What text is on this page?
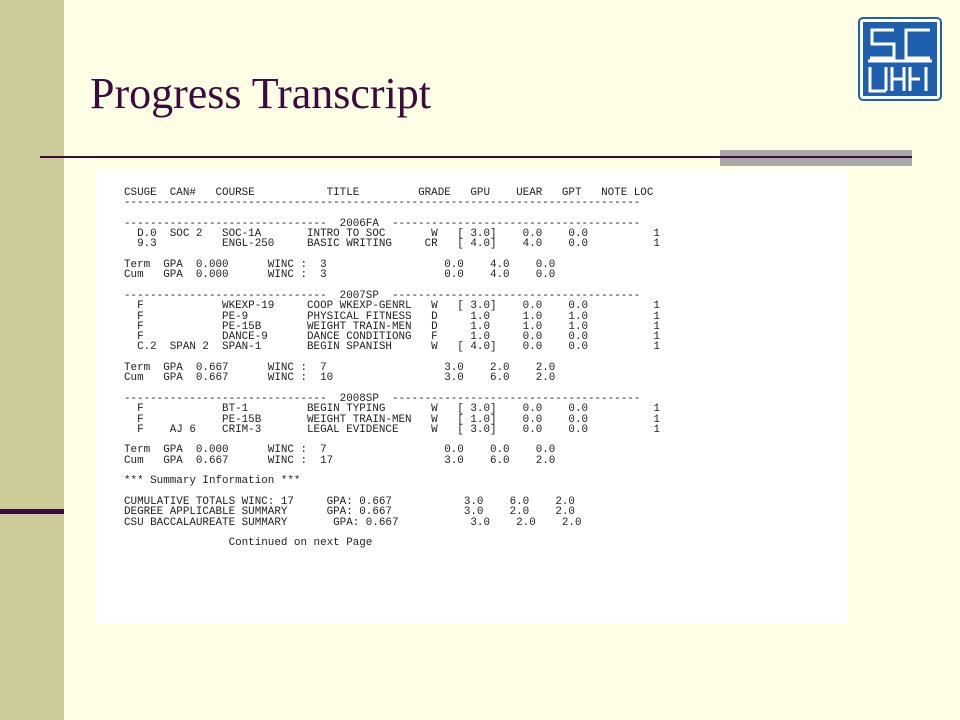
Progress Transcript
CSUGE  CAN#   COURSE           TITLE         GRADE   GPU    UEAR   GPT   NOTE LOC
-------------------------------------------------------------------------------

-------------------------------  2006FA  --------------------------------------
D.0  SOC 2   SOC-1A       INTRO TO SOC       W   [ 3.0]    0.0    0.0          1
9.3          ENGL-250     BASIC WRITING     CR   [ 4.0]    4.0    0.0          1

Term  GPA  0.000      WINC :  3                  0.0    4.0    0.0
Cum   GPA  0.000      WINC :  3                  0.0    4.0    0.0

-------------------------------  2007SP  --------------------------------------
F            WKEXP-19     COOP WKEXP-GENRL   W   [ 3.0]    0.0    0.0          1
F            PE-9         PHYSICAL FITNESS   D     1.0     1.0    1.0          1
F            PE-15B       WEIGHT TRAIN-MEN   D     1.0     1.0    1.0          1
F            DANCE-9      DANCE CONDITIONG   F     1.0     0.0    0.0          1
C.2  SPAN 2  SPAN-1       BEGIN SPANISH      W   [ 4.0]    0.0    0.0          1

Term  GPA  0.667      WINC :  7                  3.0    2.0    2.0
Cum   GPA  0.667      WINC :  10                 3.0    6.0    2.0

-------------------------------  2008SP  --------------------------------------
F            BT-1         BEGIN TYPING       W   [ 3.0]    0.0    0.0          1
F            PE-15B       WEIGHT TRAIN-MEN   W   [ 1.0]    0.0    0.0          1
F    AJ 6    CRIM-3       LEGAL EVIDENCE     W   [ 3.0]    0.0    0.0          1

Term  GPA  0.000      WINC :  7                  0.0    0.0    0.0
Cum   GPA  0.667      WINC :  17                 3.0    6.0    2.0

*** Summary Information ***

CUMULATIVE TOTALS WINC: 17     GPA: 0.667           3.0    6.0    2.0
DEGREE APPLICABLE SUMMARY      GPA: 0.667           3.0    2.0    2.0
CSU BACCALAUREATE SUMMARY       GPA: 0.667           3.0    2.0    2.0

Continued on next Page
